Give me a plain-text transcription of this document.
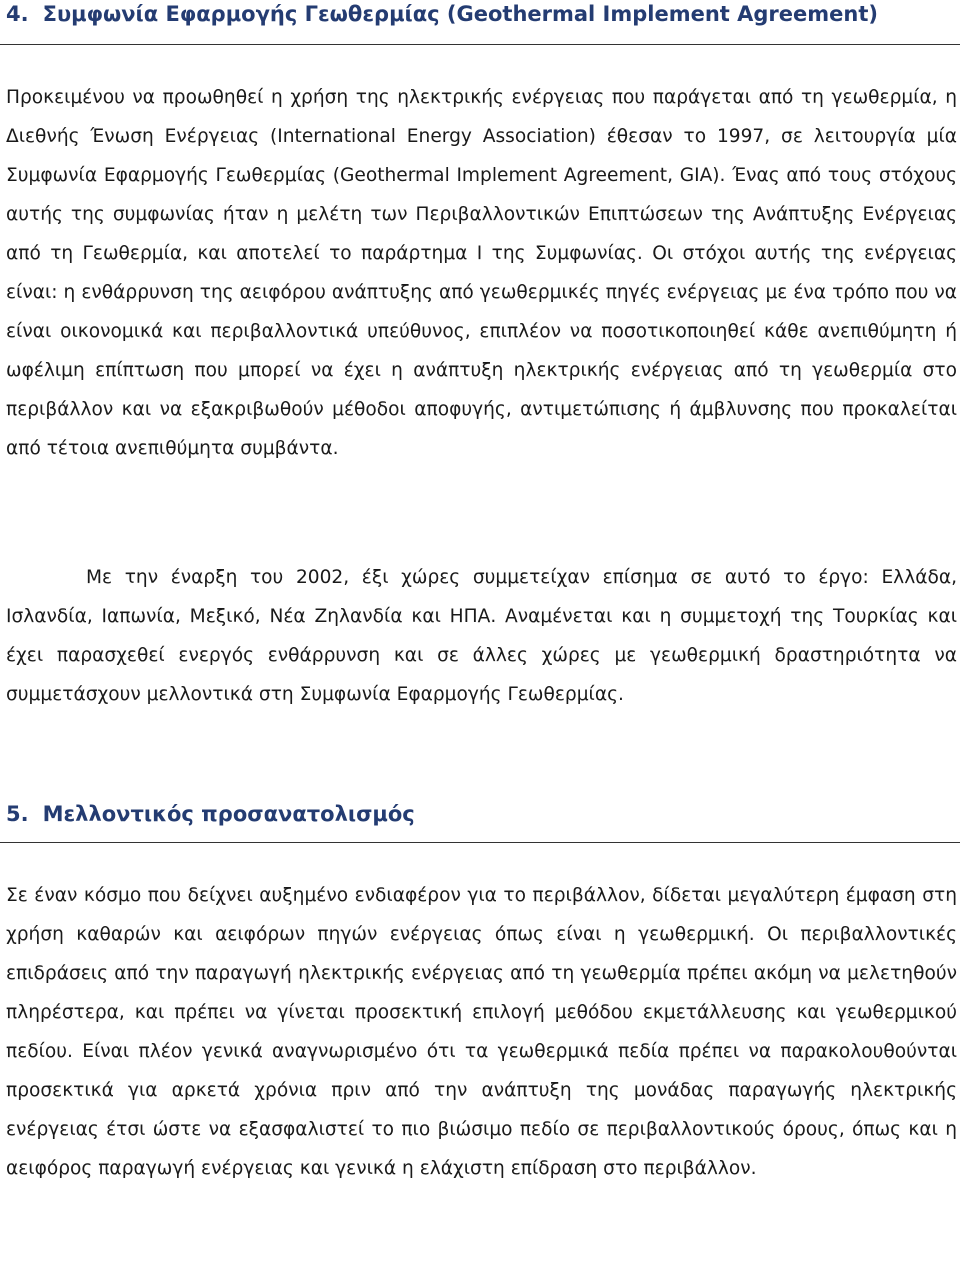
4. Συμφωνία Εφαρμογής Γεωθερμίας (Geothermal Implement Agreement)

Προκειμένου να προωθηθεί η χρήση της ηλεκτρικής ενέργειας που παράγεται από τη γεωθερμία, η Διεθνής Ένωση Ενέργειας (International Energy Association) έθεσαν το 1997, σε λειτουργία μία Συμφωνία Εφαρμογής Γεωθερμίας (Geothermal Implement Agreement, GIA). Ένας από τους στόχους αυτής της συμφωνίας ήταν η μελέτη των Περιβαλλοντικών Επιπτώσεων της Ανάπτυξης Ενέργειας από τη Γεωθερμία, και αποτελεί το παράρτημα Ι της Συμφωνίας. Οι στόχοι αυτής της ενέργειας είναι: η ενθάρρυνση της αειφόρου ανάπτυξης από γεωθερμικές πηγές ενέργειας με ένα τρόπο που να είναι οικονομικά και περιβαλλοντικά υπεύθυνος, επιπλέον να ποσοτικοποιηθεί κάθε ανεπιθύμητη ή ωφέλιμη επίπτωση που μπορεί να έχει η ανάπτυξη ηλεκτρικής ενέργειας από τη γεωθερμία στο περιβάλλον και να εξακριβωθούν μέθοδοι αποφυγής, αντιμετώπισης ή άμβλυνσης που προκαλείται από τέτοια ανεπιθύμητα συμβάντα.

Με την έναρξη του 2002, έξι χώρες συμμετείχαν επίσημα σε αυτό το έργο: Ελλάδα, Ισλανδία, Ιαπωνία, Μεξικό, Νέα Ζηλανδία και ΗΠΑ. Αναμένεται και η συμμετοχή της Τουρκίας και έχει παρασχεθεί ενεργός ενθάρρυνση και σε άλλες χώρες με γεωθερμική δραστηριότητα να συμμετάσχουν μελλοντικά στη Συμφωνία Εφαρμογής Γεωθερμίας.

5. Μελλοντικός προσανατολισμός

Σε έναν κόσμο που δείχνει αυξημένο ενδιαφέρον για το περιβάλλον, δίδεται μεγαλύτερη έμφαση στη χρήση καθαρών και αειφόρων πηγών ενέργειας όπως είναι η γεωθερμική. Οι περιβαλλοντικές επιδράσεις από την παραγωγή ηλεκτρικής ενέργειας από τη γεωθερμία πρέπει ακόμη να μελετηθούν πληρέστερα, και πρέπει να γίνεται προσεκτική επιλογή μεθόδου εκμετάλλευσης και γεωθερμικού πεδίου. Είναι πλέον γενικά αναγνωρισμένο ότι τα γεωθερμικά πεδία πρέπει να παρακολουθούνται προσεκτικά για αρκετά χρόνια πριν από την ανάπτυξη της μονάδας παραγωγής ηλεκτρικής ενέργειας έτσι ώστε να εξασφαλιστεί το πιο βιώσιμο πεδίο σε περιβαλλοντικούς όρους, όπως και η αειφόρος παραγωγή ενέργειας και γενικά η ελάχιστη επίδραση στο περιβάλλον.
